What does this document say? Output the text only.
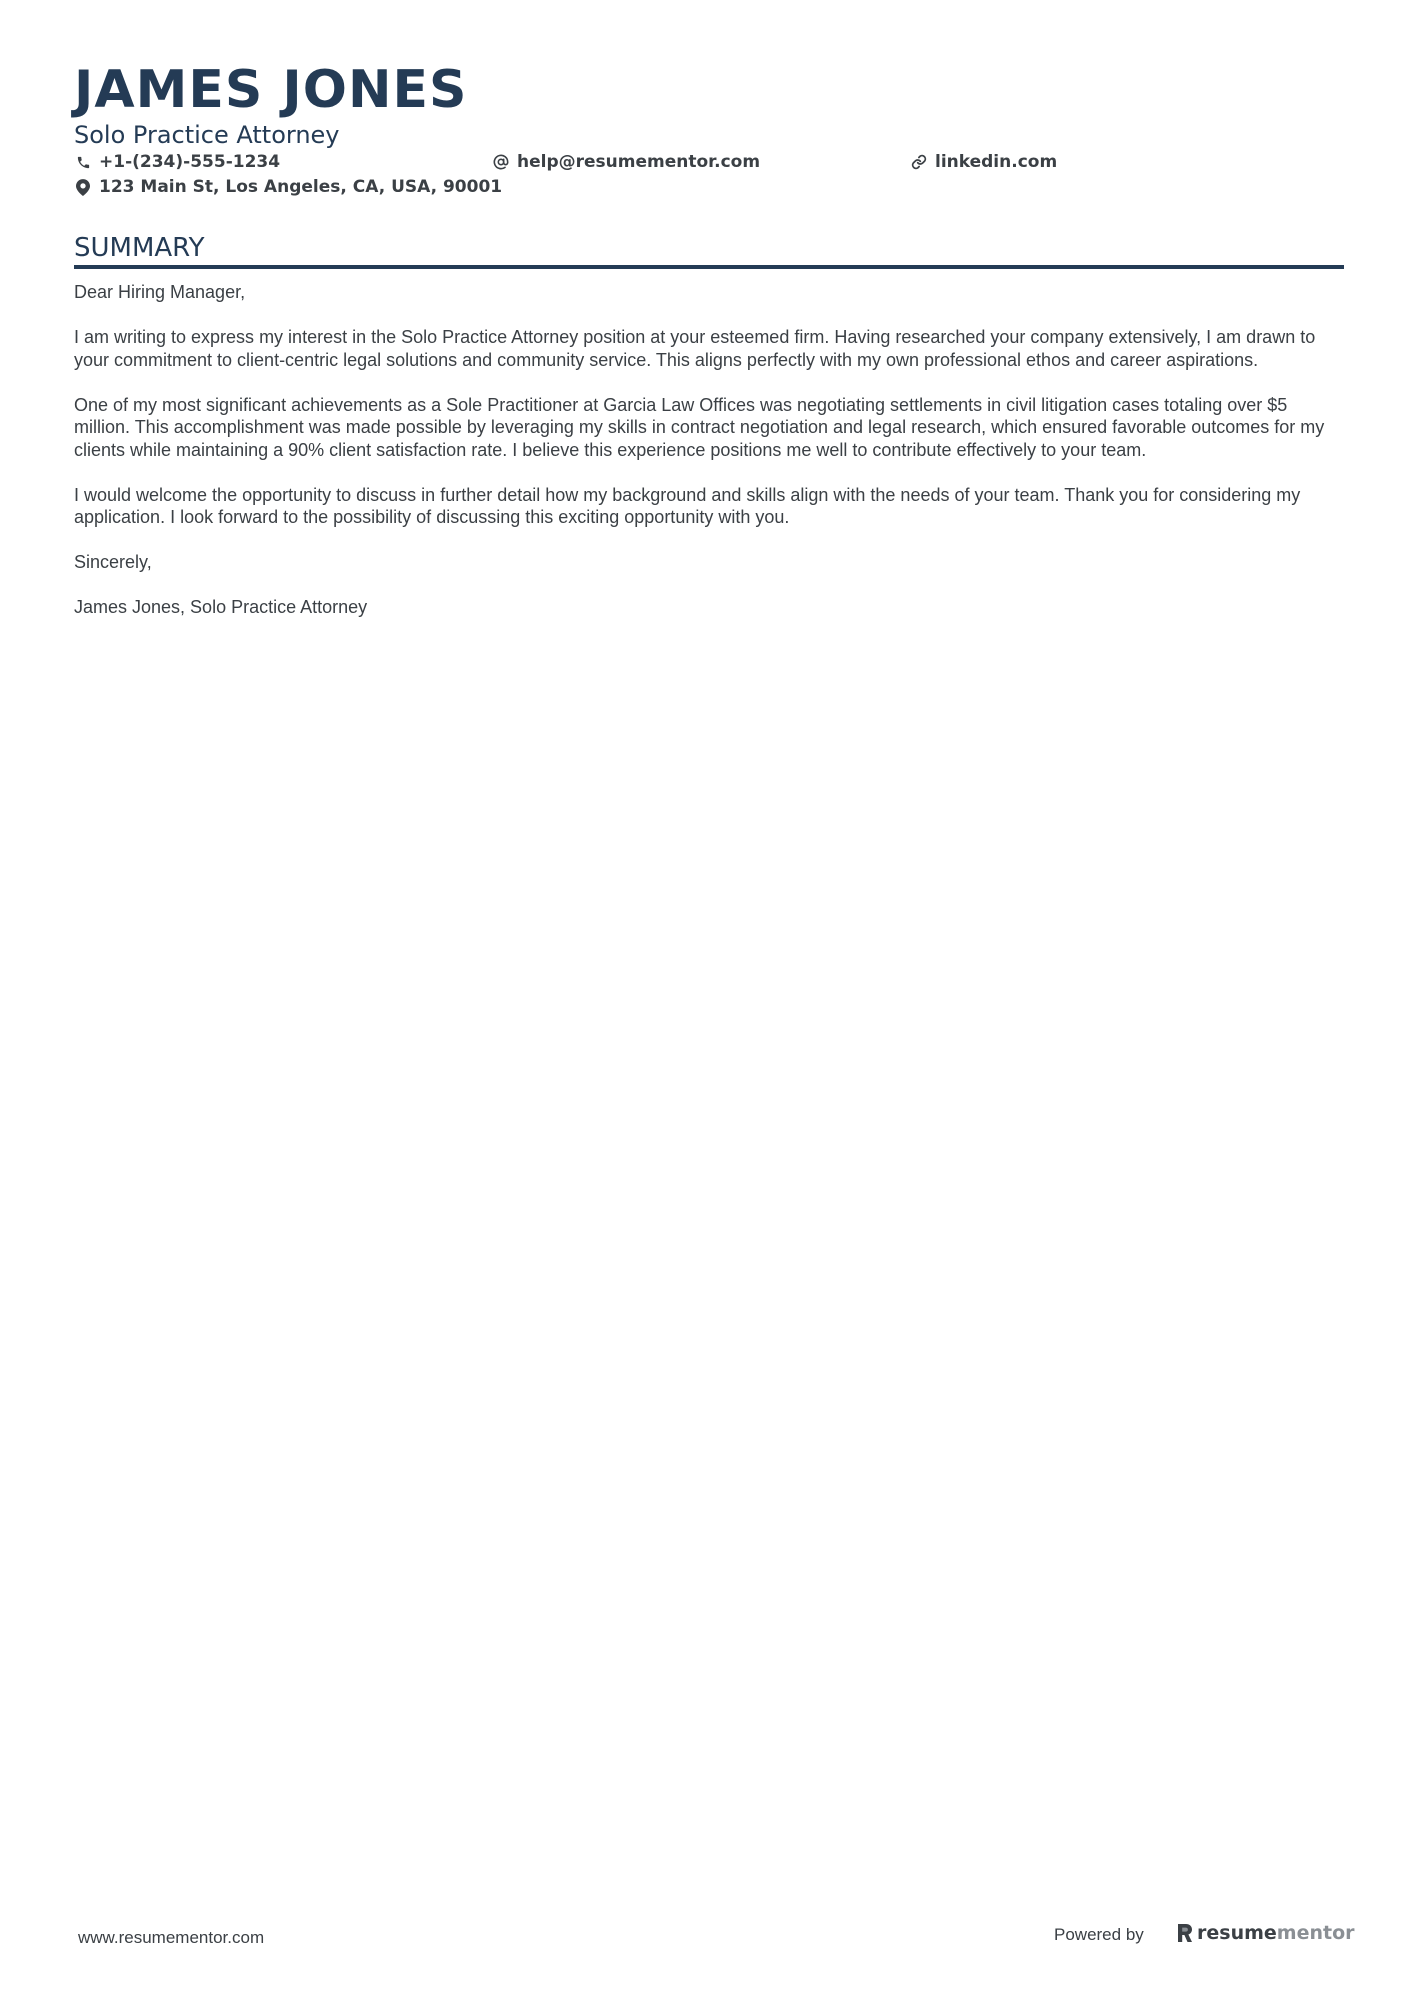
JAMES JONES
Solo Practice Attorney
+1-(234)-555-1234	help@resumementor.com	linkedin.com
123 Main St, Los Angeles, CA, USA, 90001
SUMMARY

Dear Hiring Manager,

I am writing to express my interest in the Solo Practice Attorney position at your esteemed firm. Having researched your company extensively, I am drawn to your commitment to client-centric legal solutions and community service. This aligns perfectly with my own professional ethos and career aspirations.

One of my most significant achievements as a Sole Practitioner at Garcia Law Offices was negotiating settlements in civil litigation cases totaling over $5 million. This accomplishment was made possible by leveraging my skills in contract negotiation and legal research, which ensured favorable outcomes for my clients while maintaining a 90% client satisfaction rate. I believe this experience positions me well to contribute effectively to your team.

I would welcome the opportunity to discuss in further detail how my background and skills align with the needs of your team. Thank you for considering my application. I look forward to the possibility of discussing this exciting opportunity with you.

Sincerely,

James Jones, Solo Practice Attorney

www.resumementor.com	Powered by	resume mentor
